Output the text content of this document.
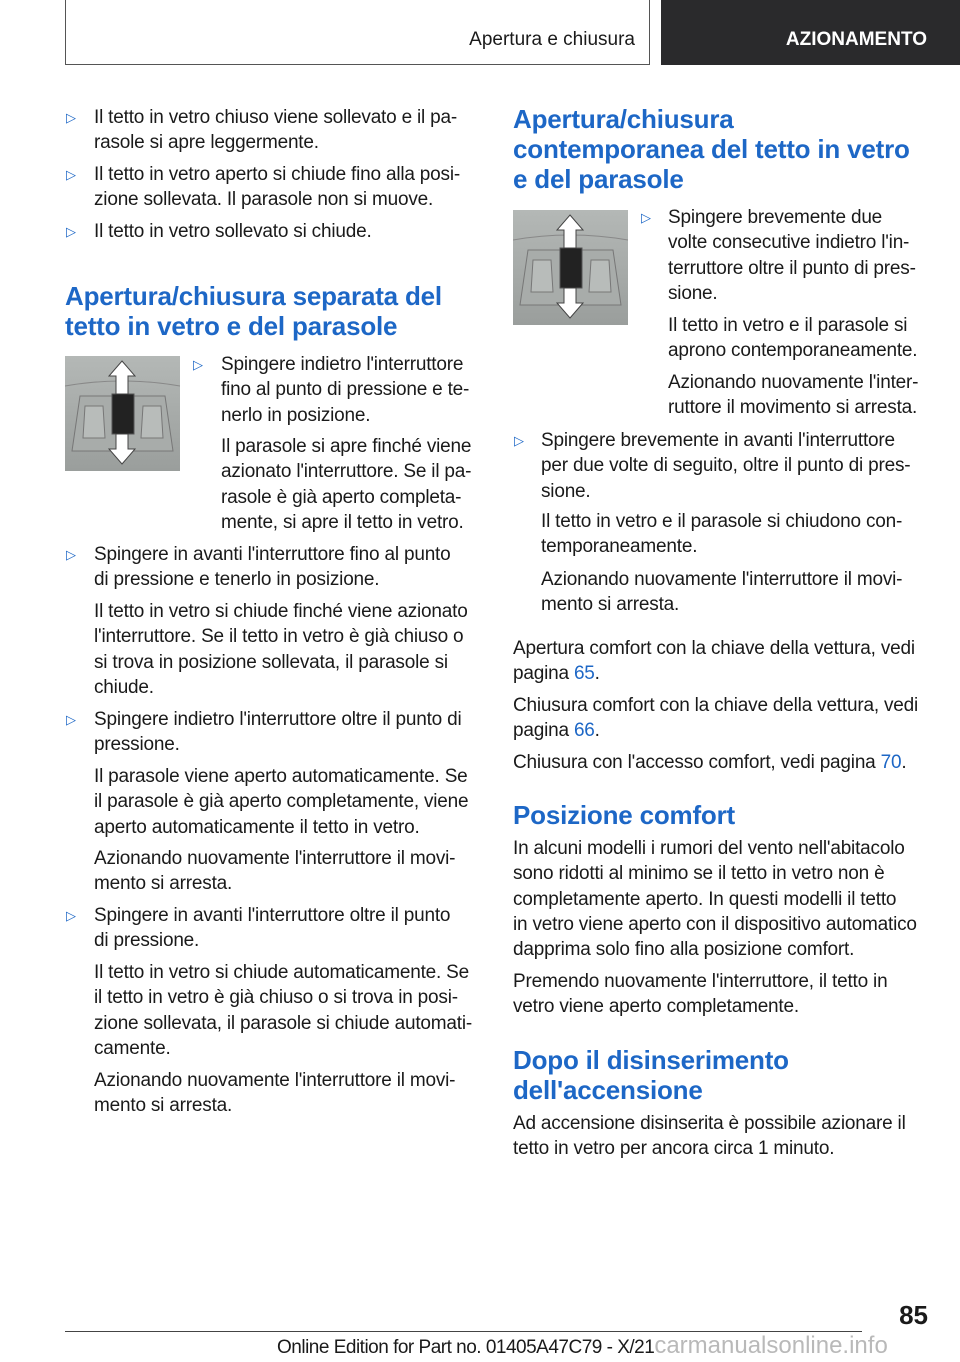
Apertura e chiusura	AZIONAMENTO
▷ Il tetto in vetro chiuso viene sollevato e il pa-
rasole si apre leggermente.
▷ Il tetto in vetro aperto si chiude fino alla posi-
zione sollevata. Il parasole non si muove.
▷ Il tetto in vetro sollevato si chiude.
Apertura/chiusura separata del
tetto in vetro e del parasole
▷ Spingere indietro l'interruttore
fino al punto di pressione e te-
nerlo in posizione.
Il parasole si apre finché viene
azionato l'interruttore. Se il pa-
rasole è già aperto completa-
mente, si apre il tetto in vetro.
▷ Spingere in avanti l'interruttore fino al punto
di pressione e tenerlo in posizione.
Il tetto in vetro si chiude finché viene azionato
l'interruttore. Se il tetto in vetro è già chiuso o
si trova in posizione sollevata, il parasole si
chiude.
▷ Spingere indietro l'interruttore oltre il punto di
pressione.
Il parasole viene aperto automaticamente. Se
il parasole è già aperto completamente, viene
aperto automaticamente il tetto in vetro.
Azionando nuovamente l'interruttore il movi-
mento si arresta.
▷ Spingere in avanti l'interruttore oltre il punto
di pressione.
Il tetto in vetro si chiude automaticamente. Se
il tetto in vetro è già chiuso o si trova in posi-
zione sollevata, il parasole si chiude automati-
camente.
Azionando nuovamente l'interruttore il movi-
mento si arresta.
Apertura/chiusura
contemporanea del tetto in vetro
e del parasole
▷ Spingere brevemente due
volte consecutive indietro l'in-
terruttore oltre il punto di pres-
sione.
Il tetto in vetro e il parasole si
aprono contemporaneamente.
Azionando nuovamente l'inter-
ruttore il movimento si arresta.
▷ Spingere brevemente in avanti l'interruttore
per due volte di seguito, oltre il punto di pres-
sione.
Il tetto in vetro e il parasole si chiudono con-
temporaneamente.
Azionando nuovamente l'interruttore il movi-
mento si arresta.
Apertura comfort con la chiave della vettura, vedi
pagina 65.
Chiusura comfort con la chiave della vettura, vedi
pagina 66.
Chiusura con l'accesso comfort, vedi pagina 70.
Posizione comfort
In alcuni modelli i rumori del vento nell'abitacolo
sono ridotti al minimo se il tetto in vetro non è
completamente aperto. In questi modelli il tetto
in vetro viene aperto con il dispositivo automatico
dapprima solo fino alla posizione comfort.
Premendo nuovamente l'interruttore, il tetto in
vetro viene aperto completamente.
Dopo il disinserimento
dell'accensione
Ad accensione disinserita è possibile azionare il
tetto in vetro per ancora circa 1 minuto.
85
Online Edition for Part no. 01405A47C79 - X/21carmanualsonline.info
